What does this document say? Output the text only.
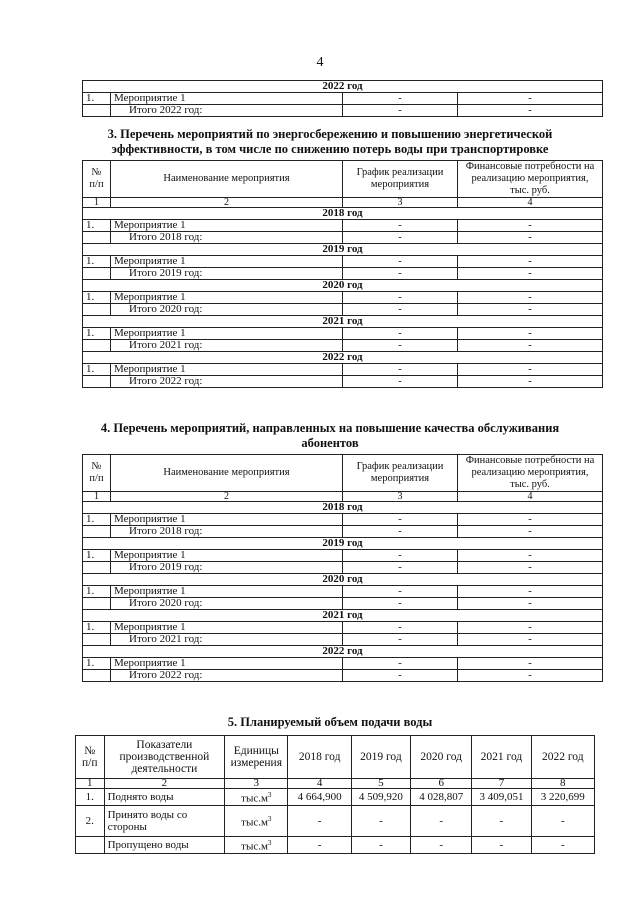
4
2022 год			
1.	Мероприятие 1	-	-
	Итого 2022 год:	-	-
3. Перечень мероприятий по энергосбережению и повышению энергетической
эффективности, в том числе по снижению потерь воды при транспортировке
№ п/п	Наименование мероприятия	График реализации мероприятия	Финансовые потребности на реализацию мероприятия, тыс. руб.
1	2	3	4
2018 год			
1.	Мероприятие 1	-	-
	Итого 2018 год:	-	-
2019 год			
1.	Мероприятие 1	-	-
	Итого 2019 год:	-	-
2020 год			
1.	Мероприятие 1	-	-
	Итого 2020 год:	-	-
2021 год			
1.	Мероприятие 1	-	-
	Итого 2021 год:	-	-
2022 год			
1.	Мероприятие 1	-	-
	Итого 2022 год:	-	-
4. Перечень мероприятий, направленных на повышение качества обслуживания
абонентов
№ п/п	Наименование мероприятия	График реализации мероприятия	Финансовые потребности на реализацию мероприятия, тыс. руб.
1	2	3	4
2018 год			
1.	Мероприятие 1	-	-
	Итого 2018 год:	-	-
2019 год			
1.	Мероприятие 1	-	-
	Итого 2019 год:	-	-
2020 год			
1.	Мероприятие 1	-	-
	Итого 2020 год:	-	-
2021 год			
1.	Мероприятие 1	-	-
	Итого 2021 год:	-	-
2022 год			
1.	Мероприятие 1	-	-
	Итого 2022 год:	-	-
5. Планируемый объем подачи воды
№ п/п	Показатели производственной деятельности	Единицы измерения	2018 год	2019 год	2020 год	2021 год	2022 год
1	2	3	4	5	6	7	8
1.	Поднято воды	$тыс.м^3$	4 664,900	4 509,920	4 028,807	3 409,051	3 220,699
2.	Принято воды со стороны	$тыс.м^3$	-	-	-	-	-
	Пропущено воды	$тыс.м^3$	-	-	-	-	-
